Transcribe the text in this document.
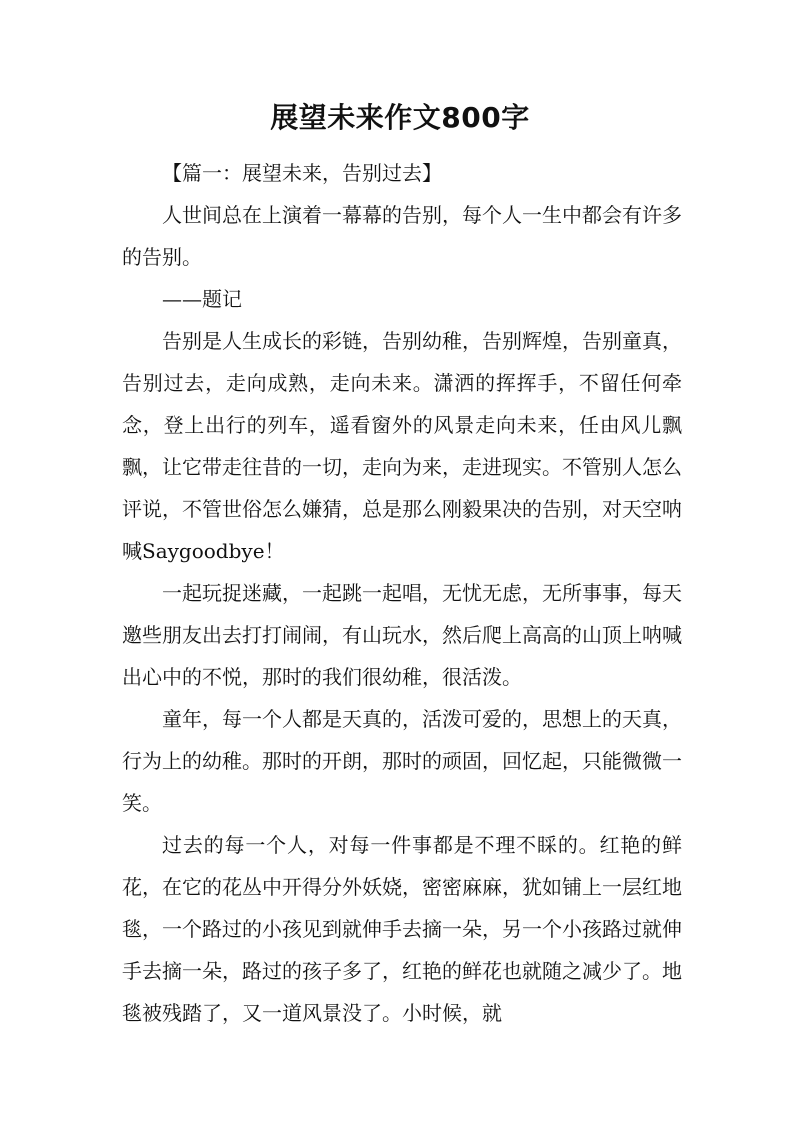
展望未来作文800字

【篇一：展望未来，告别过去】

人世间总在上演着一幕幕的告别，每个人一生中都会有许多的告别。

——题记

告别是人生成长的彩链，告别幼稚，告别辉煌，告别童真，告别过去，走向成熟，走向未来。潇洒的挥挥手，不留任何牵念，登上出行的列车，遥看窗外的风景走向未来，任由风儿飘飘，让它带走往昔的一切，走向为来，走进现实。不管别人怎么评说，不管世俗怎么嫌猜，总是那么刚毅果决的告别，对天空呐喊Saygoodbye！

一起玩捉迷藏，一起跳一起唱，无忧无虑，无所事事，每天邀些朋友出去打打闹闹，有山玩水，然后爬上高高的山顶上呐喊出心中的不悦，那时的我们很幼稚，很活泼。

童年，每一个人都是天真的，活泼可爱的，思想上的天真，行为上的幼稚。那时的开朗，那时的顽固，回忆起，只能微微一笑。

过去的每一个人，对每一件事都是不理不睬的。红艳的鲜花，在它的花丛中开得分外妖娆，密密麻麻，犹如铺上一层红地毯，一个路过的小孩见到就伸手去摘一朵，另一个小孩路过就伸手去摘一朵，路过的孩子多了，红艳的鲜花也就随之减少了。地毯被残踏了，又一道风景没了。小时候，就
